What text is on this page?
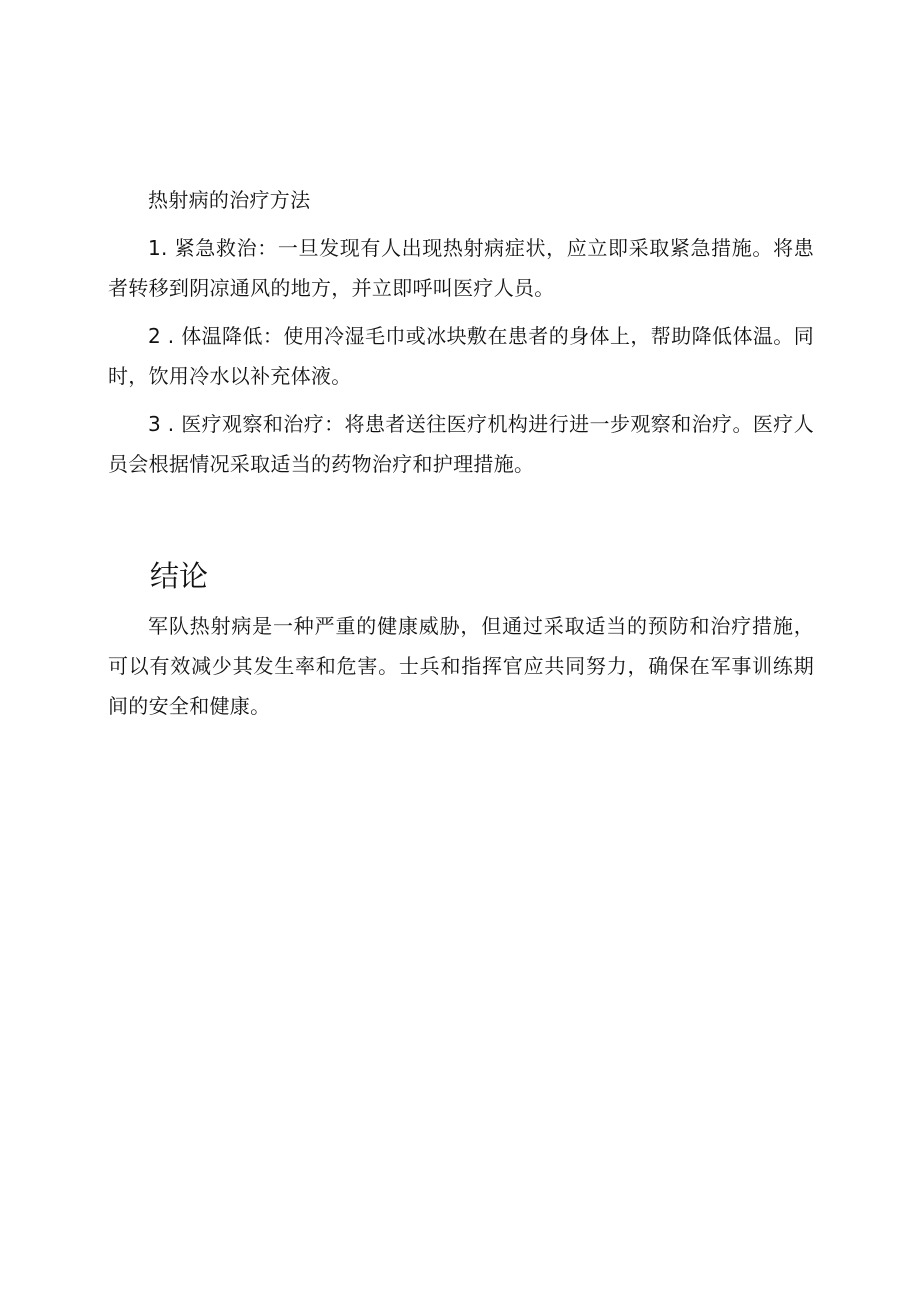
热射病的治疗方法

1. 紧急救治：一旦发现有人出现热射病症状，应立即采取紧急措施。将患者转移到阴凉通风的地方，并立即呼叫医疗人员。

2 . 体温降低：使用冷湿毛巾或冰块敷在患者的身体上，帮助降低体温。同时，饮用冷水以补充体液。

3 . 医疗观察和治疗：将患者送往医疗机构进行进一步观察和治疗。医疗人员会根据情况采取适当的药物治疗和护理措施。

结论

军队热射病是一种严重的健康威胁，但通过采取适当的预防和治疗措施，可以有效减少其发生率和危害。士兵和指挥官应共同努力，确保在军事训练期间的安全和健康。
